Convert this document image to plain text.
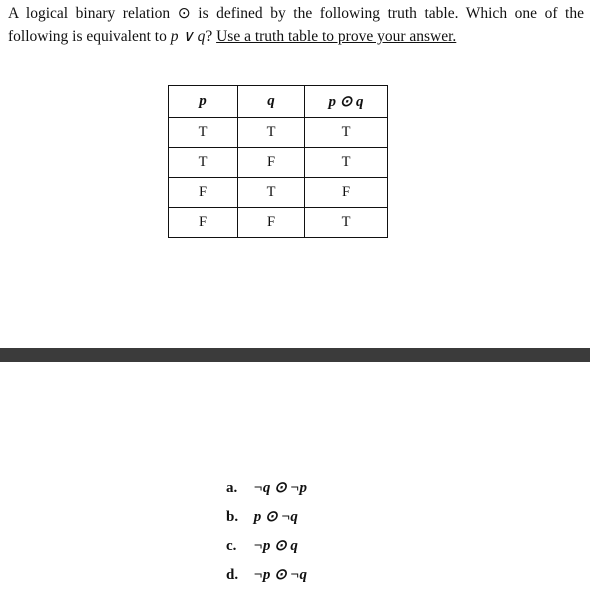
A logical binary relation ⊙ is defined by the following truth table. Which one of the following is equivalent to p ∨ q? Use a truth table to prove your answer.
p	q	p ⊙ q
T	T	T
T	F	T
F	T	F
F	F	T
a. ¬q ⊙ ¬p
b. p ⊙ ¬q
c. ¬p ⊙ q
d. ¬p ⊙ ¬q
